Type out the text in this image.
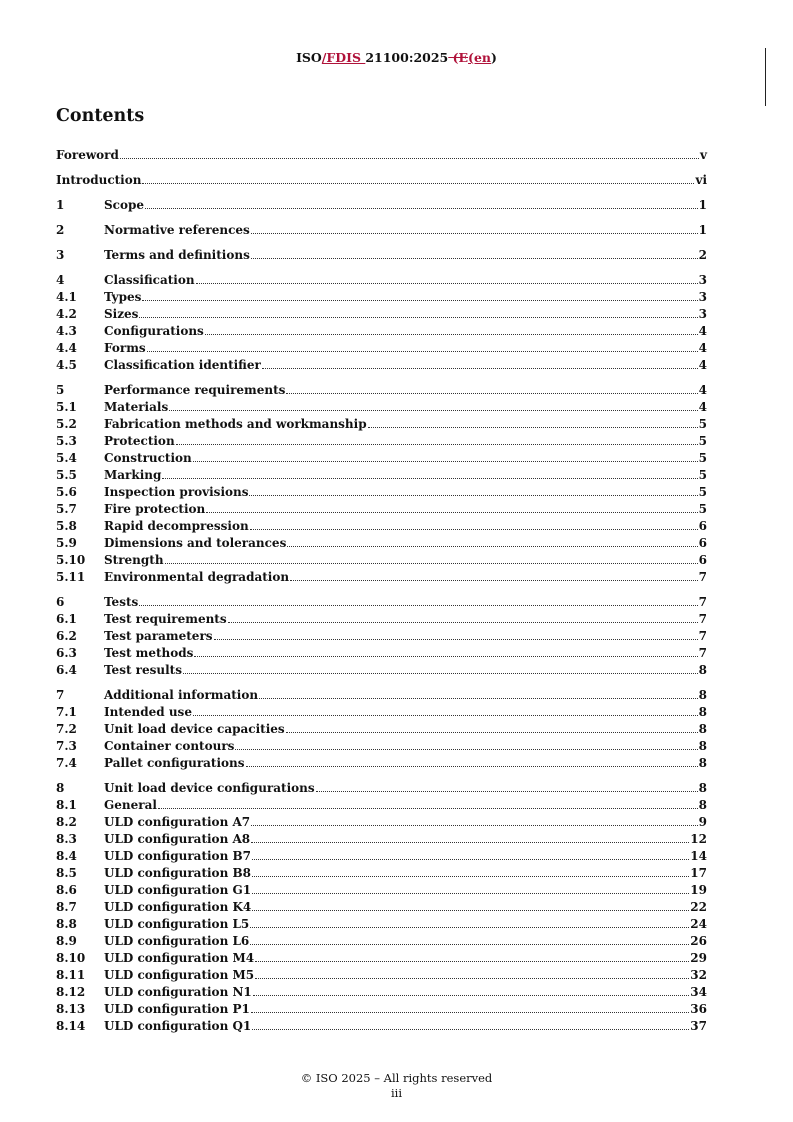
ISO/FDIS 21100:2025 (E(en)
Contents
Foreword	v
Introduction	vi
1	Scope	1
2	Normative references	1
3	Terms and definitions	2
4	Classification	3
4.1	Types	3
4.2	Sizes	3
4.3	Configurations	4
4.4	Forms	4
4.5	Classification identifier	4
5	Performance requirements	4
5.1	Materials	4
5.2	Fabrication methods and workmanship	5
5.3	Protection	5
5.4	Construction	5
5.5	Marking	5
5.6	Inspection provisions	5
5.7	Fire protection	5
5.8	Rapid decompression	6
5.9	Dimensions and tolerances	6
5.10	Strength	6
5.11	Environmental degradation	7
6	Tests	7
6.1	Test requirements	7
6.2	Test parameters	7
6.3	Test methods	7
6.4	Test results	8
7	Additional information	8
7.1	Intended use	8
7.2	Unit load device capacities	8
7.3	Container contours	8
7.4	Pallet configurations	8
8	Unit load device configurations	8
8.1	General	8
8.2	ULD configuration A7	9
8.3	ULD configuration A8	12
8.4	ULD configuration B7	14
8.5	ULD configuration B8	17
8.6	ULD configuration G1	19
8.7	ULD configuration K4	22
8.8	ULD configuration L5	24
8.9	ULD configuration L6	26
8.10	ULD configuration M4	29
8.11	ULD configuration M5	32
8.12	ULD configuration N1	34
8.13	ULD configuration P1	36
8.14	ULD configuration Q1	37
© ISO 2025 – All rights reserved
iii
